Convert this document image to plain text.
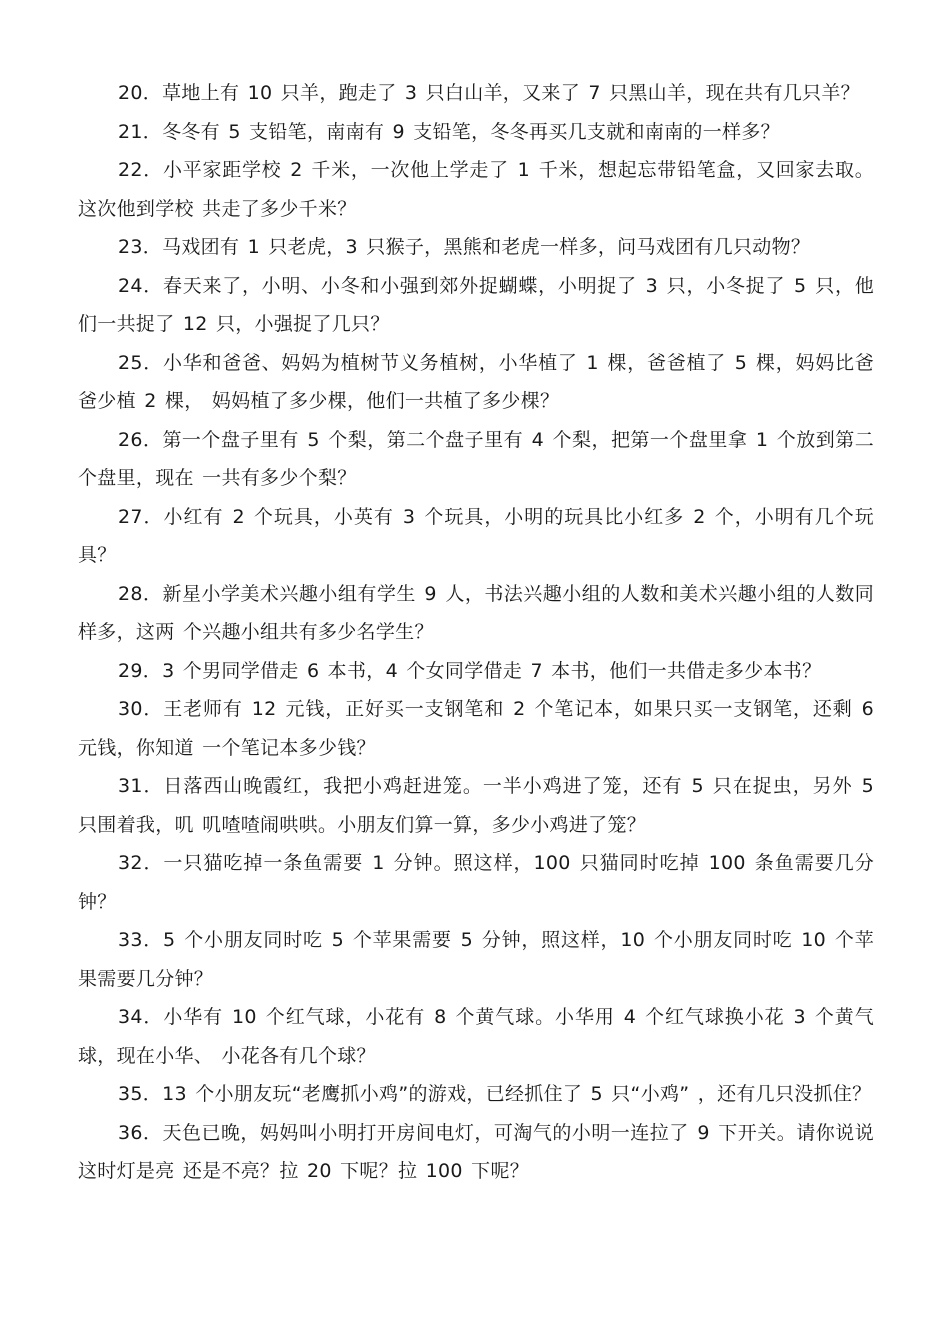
20．草地上有 10 只羊，跑走了 3 只白山羊，又来了 7 只黑山羊，现在共有几只羊？

21．冬冬有 5 支铅笔，南南有 9 支铅笔，冬冬再买几支就和南南的一样多？

22．小平家距学校 2 千米，一次他上学走了 1 千米，想起忘带铅笔盒，又回家去取。这次他到学校 共走了多少千米？

23．马戏团有 1 只老虎，3 只猴子，黑熊和老虎一样多，问马戏团有几只动物？

24．春天来了，小明、小冬和小强到郊外捉蝴蝶，小明捉了 3 只，小冬捉了 5 只，他们一共捉了 12 只，小强捉了几只？

25．小华和爸爸、妈妈为植树节义务植树，小华植了 1 棵，爸爸植了 5 棵，妈妈比爸爸少植 2 棵， 妈妈植了多少棵，他们一共植了多少棵？

26．第一个盘子里有 5 个梨，第二个盘子里有 4 个梨，把第一个盘里拿 1 个放到第二个盘里，现在 一共有多少个梨？

27．小红有 2 个玩具，小英有 3 个玩具，小明的玩具比小红多 2 个，小明有几个玩具？

28．新星小学美术兴趣小组有学生 9 人，书法兴趣小组的人数和美术兴趣小组的人数同样多，这两 个兴趣小组共有多少名学生？

29．3 个男同学借走 6 本书，4 个女同学借走 7 本书，他们一共借走多少本书？

30．王老师有 12 元钱，正好买一支钢笔和 2 个笔记本，如果只买一支钢笔，还剩 6 元钱，你知道 一个笔记本多少钱？

31．日落西山晚霞红，我把小鸡赶进笼。一半小鸡进了笼，还有 5 只在捉虫，另外 5 只围着我，叽 叽喳喳闹哄哄。小朋友们算一算，多少小鸡进了笼？

32．一只猫吃掉一条鱼需要 1 分钟。照这样，100 只猫同时吃掉 100 条鱼需要几分钟？

33．5 个小朋友同时吃 5 个苹果需要 5 分钟，照这样，10 个小朋友同时吃 10 个苹果需要几分钟？

34．小华有 10 个红气球，小花有 8 个黄气球。小华用 4 个红气球换小花 3 个黄气球，现在小华、 小花各有几个球？

35．13 个小朋友玩“老鹰抓小鸡”的游戏，已经抓住了 5 只“小鸡” ，还有几只没抓住？

36．天色已晚，妈妈叫小明打开房间电灯，可淘气的小明一连拉了 9 下开关。请你说说这时灯是亮 还是不亮？拉 20 下呢？拉 100 下呢？
